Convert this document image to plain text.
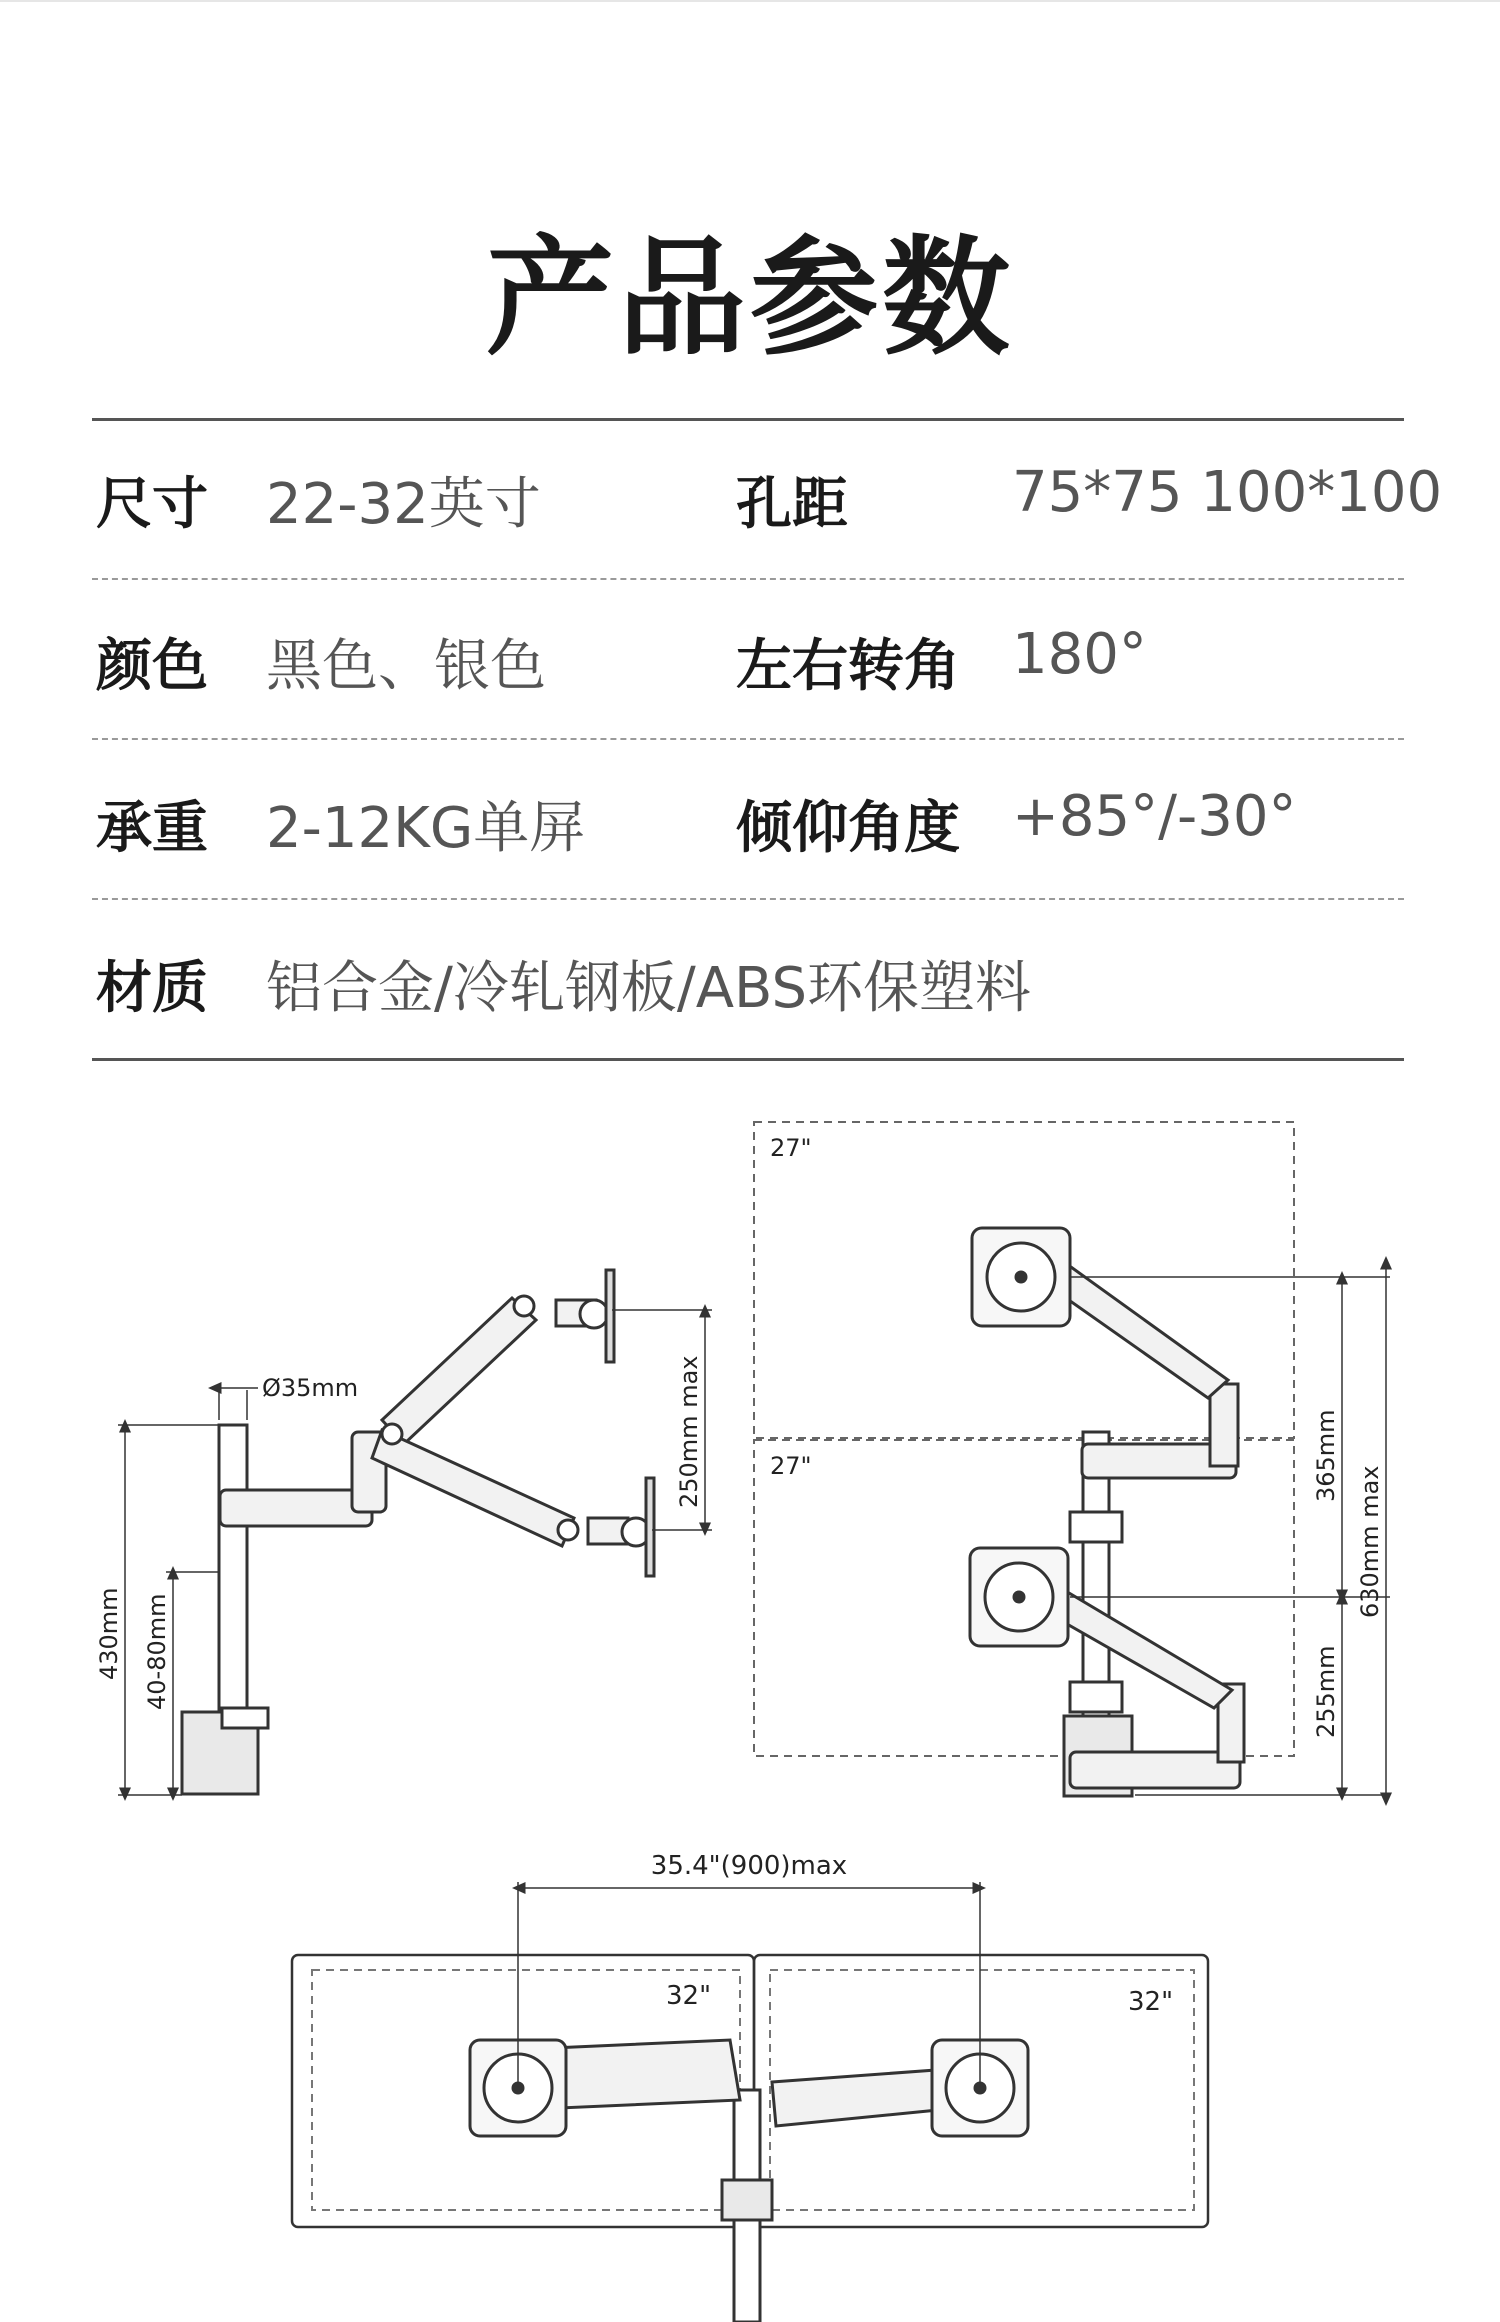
产品参数
尺寸 22-32英寸	孔距	75*75 100*100
颜色 黑色、银色	左右转角 180°
承重 2-12KG单屏	倾仰角度 +85°/-30°
材质 铝合金/冷轧钢板/ABS环保塑料
Ø35mm
430mm 40-80mm
250mm max
27"
27"	365mm
630mm max
255mm
35.4"(900)max
32"	32"
